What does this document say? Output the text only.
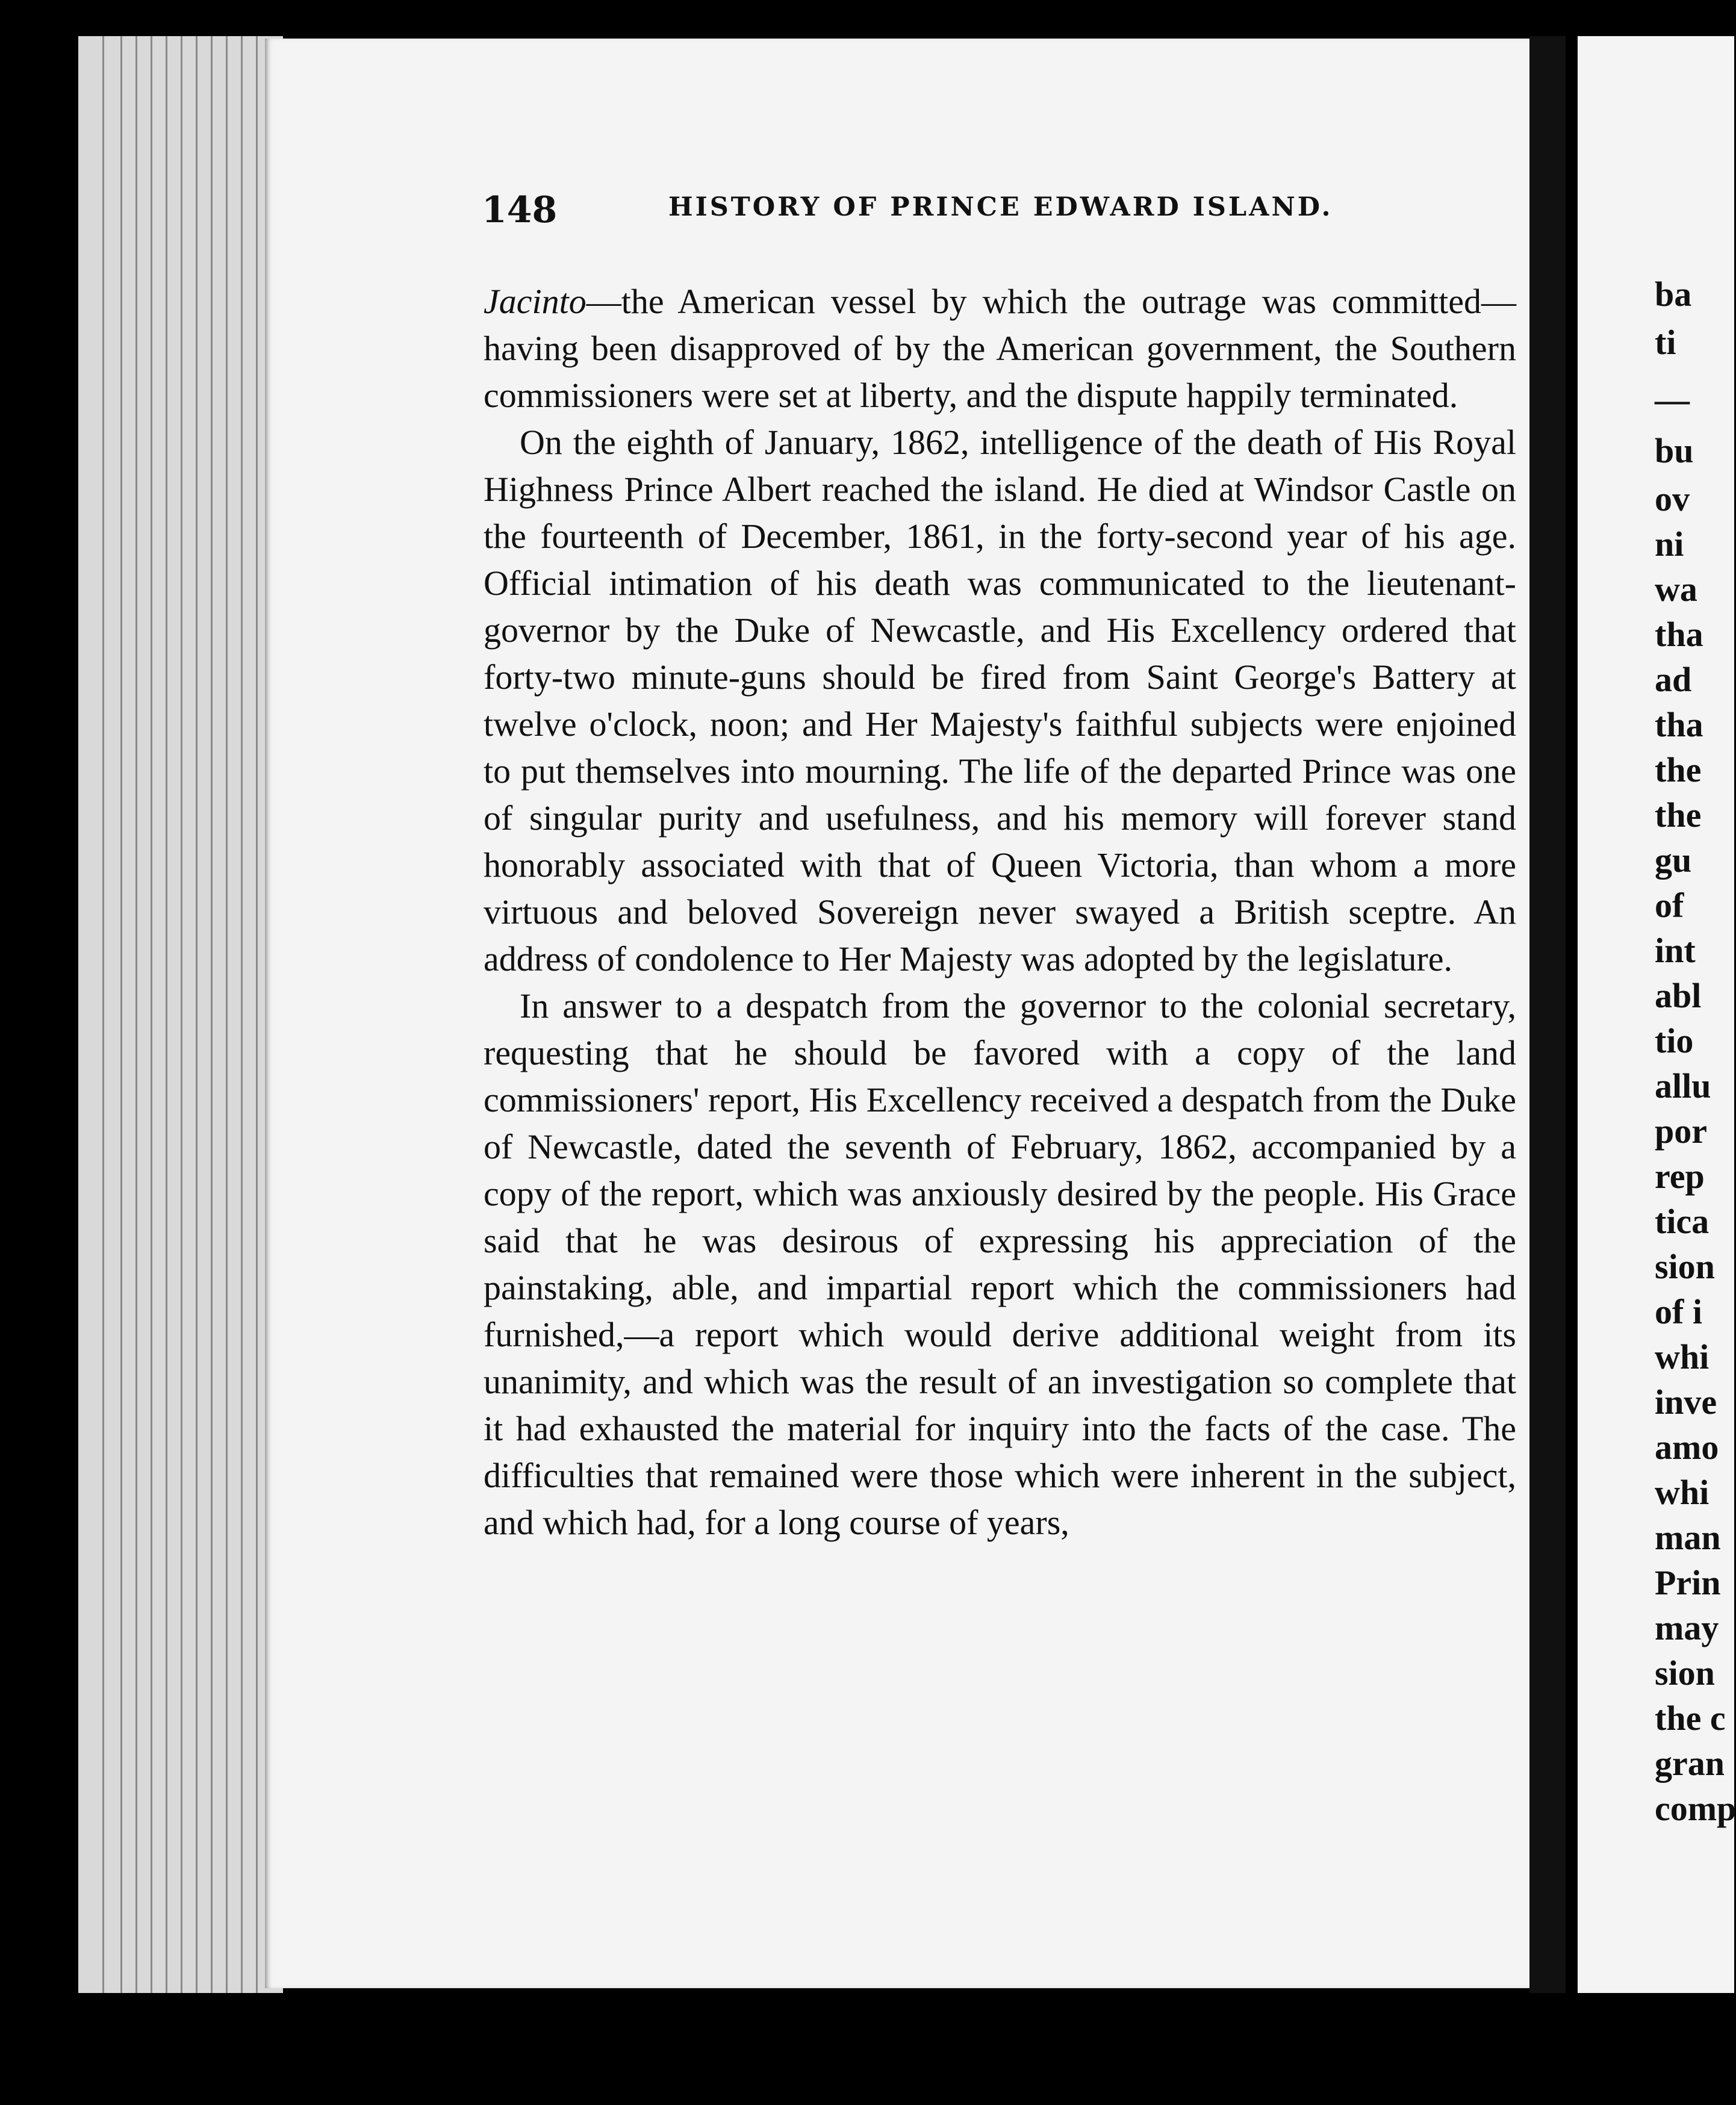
148	HISTORY OF PRINCE EDWARD ISLAND.

Jacinto—the American vessel by which the outrage was committed—having been disapproved of by the American government, the Southern commissioners were set at liberty, and the dispute happily terminated.

On the eighth of January, 1862, intelligence of the death of His Royal Highness Prince Albert reached the island. He died at Windsor Castle on the fourteenth of December, 1861, in the forty-second year of his age. Official intimation of his death was communicated to the lieutenant-governor by the Duke of Newcastle, and His Excellency ordered that forty-two minute-guns should be fired from Saint George's Battery at twelve o'clock, noon; and Her Majesty's faithful subjects were enjoined to put themselves into mourning. The life of the departed Prince was one of singular purity and usefulness, and his memory will forever stand honorably associated with that of Queen Victoria, than whom a more virtuous and beloved Sovereign never swayed a British sceptre. An address of condolence to Her Majesty was adopted by the legislature.

In answer to a despatch from the governor to the colonial secretary, requesting that he should be favored with a copy of the land commissioners' report, His Excellency received a despatch from the Duke of Newcastle, dated the seventh of February, 1862, accompanied by a copy of the report, which was anxiously desired by the people. His Grace said that he was desirous of expressing his appreciation of the painstaking, able, and impartial report which the commissioners had furnished,—a report which would derive additional weight from its unanimity, and which was the result of an investigation so complete that it had exhausted the material for inquiry into the facts of the case. The difficulties that remained were those which were inherent in the subject, and which had, for a long course of years,

ba
ti
—
bu
ov
ni
wa
tha
ad
tha
the
the
gu
of
int
abl
tio
allu
por
rep
tica
sion
of i
whi
inve
amo
whi
man
Prin
may
sion
the c
gran
comp
